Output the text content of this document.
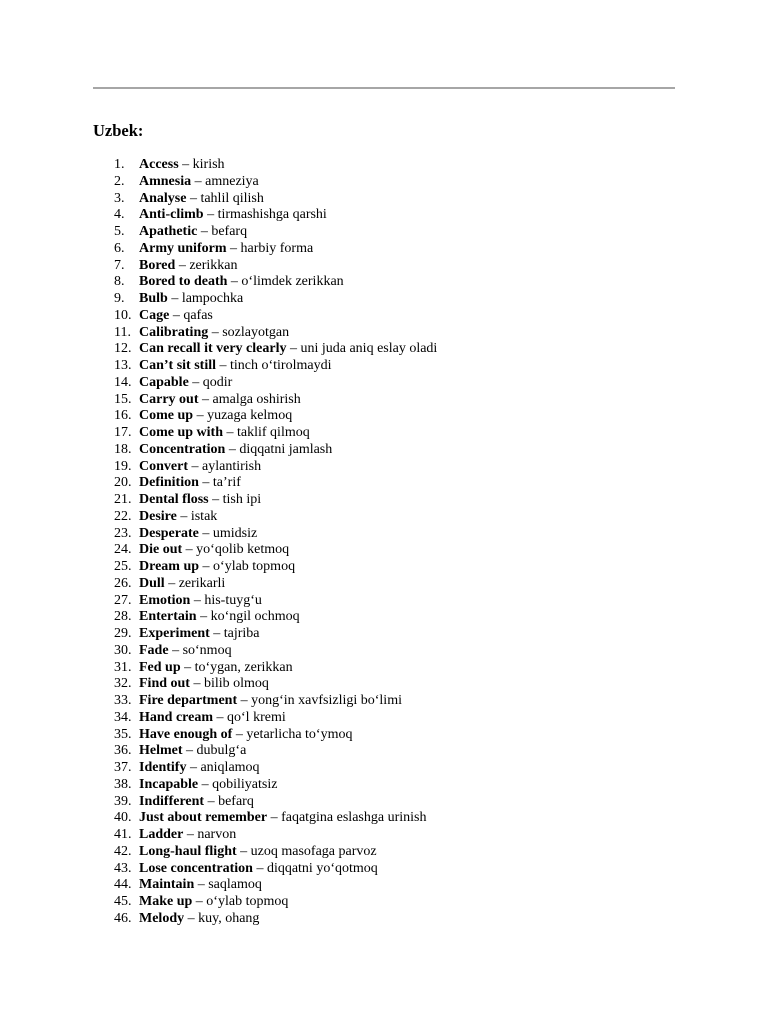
Uzbek:
1. Access – kirish
2. Amnesia – amneziya
3. Analyse – tahlil qilish
4. Anti-climb – tirmashishga qarshi
5. Apathetic – befarq
6. Army uniform – harbiy forma
7. Bored – zerikkan
8. Bored to death – o‘limdek zerikkan
9. Bulb – lampochka
10. Cage – qafas
11. Calibrating – sozlayotgan
12. Can recall it very clearly – uni juda aniq eslay oladi
13. Can’t sit still – tinch o‘tirolmaydi
14. Capable – qodir
15. Carry out – amalga oshirish
16. Come up – yuzaga kelmoq
17. Come up with – taklif qilmoq
18. Concentration – diqqatni jamlash
19. Convert – aylantirish
20. Definition – ta’rif
21. Dental floss – tish ipi
22. Desire – istak
23. Desperate – umidsiz
24. Die out – yo‘qolib ketmoq
25. Dream up – o‘ylab topmoq
26. Dull – zerikarli
27. Emotion – his-tuyg‘u
28. Entertain – ko‘ngil ochmoq
29. Experiment – tajriba
30. Fade – so‘nmoq
31. Fed up – to‘ygan, zerikkan
32. Find out – bilib olmoq
33. Fire department – yong‘in xavfsizligi bo‘limi
34. Hand cream – qo‘l kremi
35. Have enough of – yetarlicha to‘ymoq
36. Helmet – dubulg‘a
37. Identify – aniqlamoq
38. Incapable – qobiliyatsiz
39. Indifferent – befarq
40. Just about remember – faqatgina eslashga urinish
41. Ladder – narvon
42. Long-haul flight – uzoq masofaga parvoz
43. Lose concentration – diqqatni yo‘qotmoq
44. Maintain – saqlamoq
45. Make up – o‘ylab topmoq
46. Melody – kuy, ohang
